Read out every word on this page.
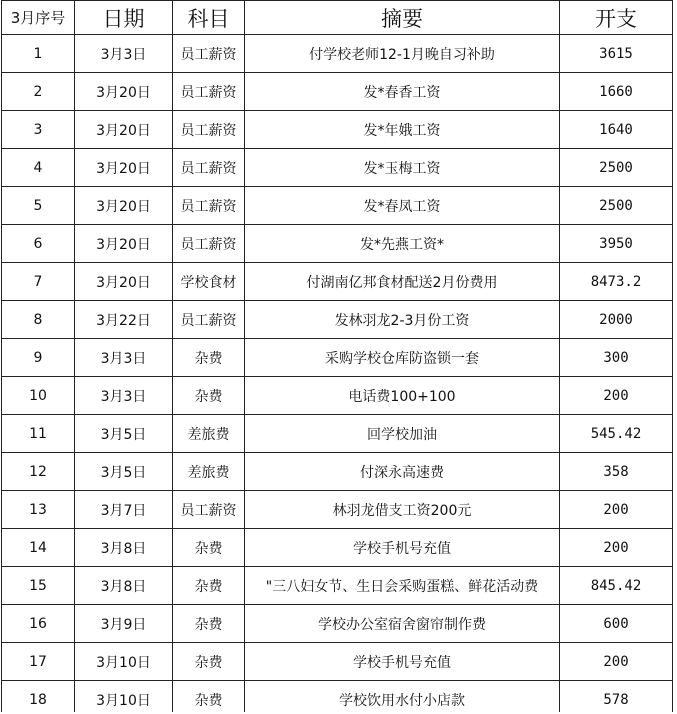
3月序号	日期	科目	摘要	开支
1	3月3日	员工薪资	付学校老师12-1月晚自习补助	3615
2	3月20日	员工薪资	发*春香工资	1660
3	3月20日	员工薪资	发*年娥工资	1640
4	3月20日	员工薪资	发*玉梅工资	2500
5	3月20日	员工薪资	发*春凤工资	2500
6	3月20日	员工薪资	发*先燕工资*	3950
7	3月20日	学校食材	付湖南亿邦食材配送2月份费用	8473.2
8	3月22日	员工薪资	发林羽龙2-3月份工资	2000
9	3月3日	杂费	采购学校仓库防盗锁一套	300
10	3月3日	杂费	电话费100+100	200
11	3月5日	差旅费	回学校加油	545.42
12	3月5日	差旅费	付深永高速费	358
13	3月7日	员工薪资	林羽龙借支工资200元	200
14	3月8日	杂费	学校手机号充值	200
15	3月8日	杂费	"三八妇女节、生日会采购蛋糕、鲜花活动费	845.42
16	3月9日	杂费	学校办公室宿舍窗帘制作费	600
17	3月10日	杂费	学校手机号充值	200
18	3月10日	杂费	学校饮用水付小店款	578
